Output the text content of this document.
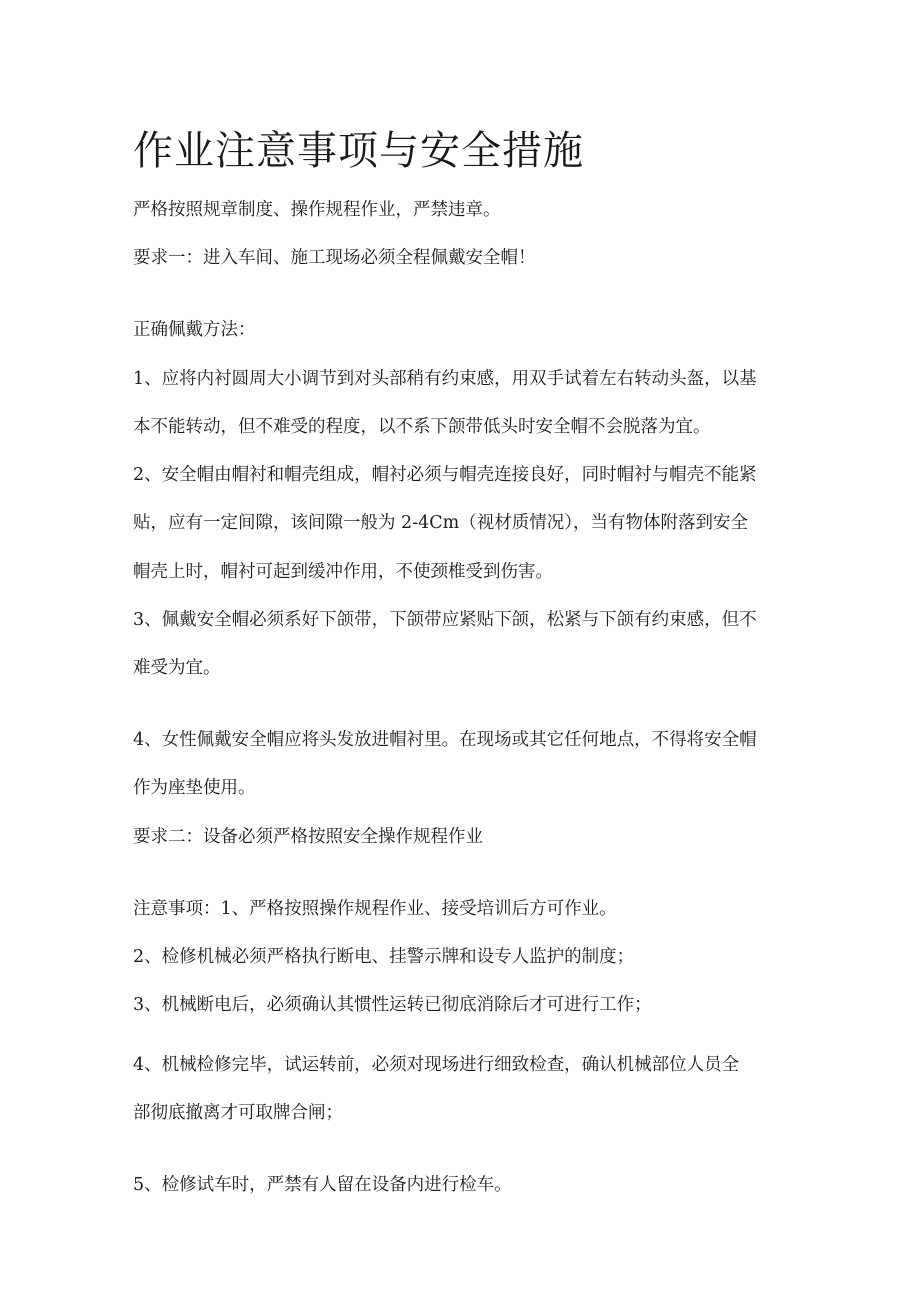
作业注意事项与安全措施

严格按照规章制度、操作规程作业，严禁违章。

要求一：进入车间、施工现场必须全程佩戴安全帽！

正确佩戴方法：

1、应将内衬圆周大小调节到对头部稍有约束感，用双手试着左右转动头盔，以基

本不能转动，但不难受的程度，以不系下颌带低头时安全帽不会脱落为宜。

2、安全帽由帽衬和帽壳组成，帽衬必须与帽壳连接良好，同时帽衬与帽壳不能紧

贴，应有一定间隙，该间隙一般为 2-4Cm（视材质情况），当有物体附落到安全

帽壳上时，帽衬可起到缓冲作用，不使颈椎受到伤害。

3、佩戴安全帽必须系好下颌带，下颌带应紧贴下颌，松紧与下颌有约束感，但不

难受为宜。

4、女性佩戴安全帽应将头发放进帽衬里。在现场或其它任何地点，不得将安全帽

作为座垫使用。

要求二：设备必须严格按照安全操作规程作业

注意事项：1、严格按照操作规程作业、接受培训后方可作业。

2、检修机械必须严格执行断电、挂警示牌和设专人监护的制度；

3、机械断电后，必须确认其惯性运转已彻底消除后才可进行工作；

4、机械检修完毕，试运转前，必须对现场进行细致检查，确认机械部位人员全

部彻底撤离才可取牌合闸；

5、检修试车时，严禁有人留在设备内进行检车。
